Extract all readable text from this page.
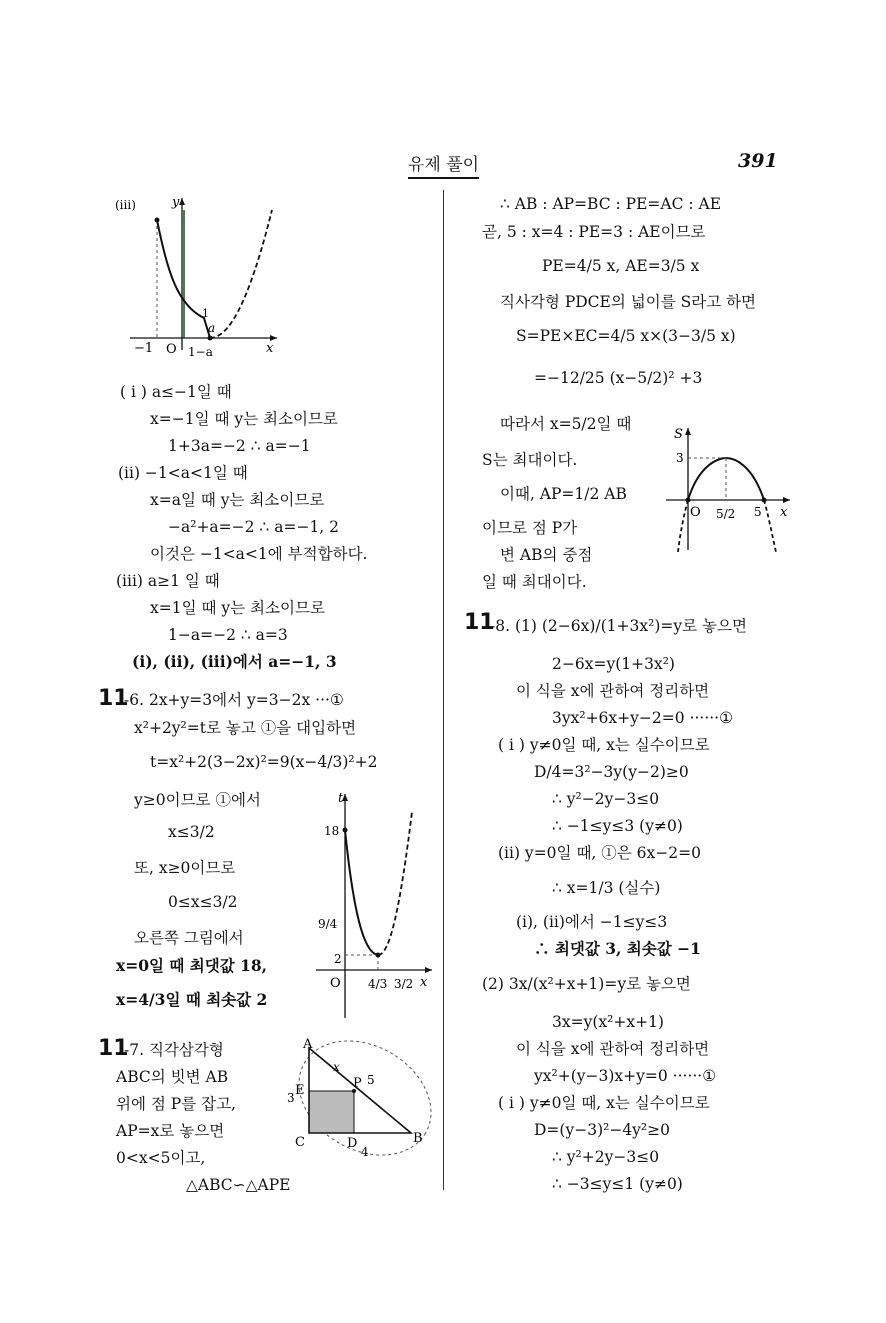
유제 풀이	391
(iii)	y
x
−1 O
1
a
1−a
( i ) a≤−1일 때
x=−1일 때 y는 최소이므로
1+3a=−2 ∴ a=−1
(ii) −1<a<1일 때
x=a일 때 y는 최소이므로
−a²+a=−2 ∴ a=−1, 2
이것은 −1<a<1에 부적합하다.
(iii) a≥1 일 때
x=1일 때 y는 최소이므로
1−a=−2 ∴ a=3
(i), (ii), (iii)에서 a=−1, 3
11
-6. 2x+y=3에서 y=3−2x ···①
x²+2y²=t로 놓고 ①을 대입하면
t=x²+2(3−2x)²=9(x−4/3)²+2
y≥0이므로 ①에서
x≤3/2
또, x≥0이므로
0≤x≤3/2
오른쪽 그림에서
x=0일 때 최댓값 18,
x=4/3일 때 최솟값 2
t
x
O
18
9/4
2
4/3 3/2
11
-7. 직각삼각형
ABC의 빗변 AB
위에 점 P를 잡고,
AP=x로 놓으면
0<x<5이고,
△ABC∽△APE
A
B
C	D
E	P
x
5
3
4
∴ AB : AP=BC : PE=AC : AE
곧, 5 : x=4 : PE=3 : AE이므로
PE=4/5 x, AE=3/5 x
직사각형 PDCE의 넓이를 S라고 하면
S=PE×EC=4/5 x×(3−3/5 x)
=−12/25 (x−5/2)² +3
따라서 x=5/2일 때
S는 최대이다.
이때, AP=1/2 AB
이므로 점 P가
변 AB의 중점
일 때 최대이다.
S
x
O
3
5/2 5
11
-8. (1) (2−6x)/(1+3x²)=y로 놓으면
2−6x=y(1+3x²)
이 식을 x에 관하여 정리하면
3yx²+6x+y−2=0 ······①
( i ) y≠0일 때, x는 실수이므로
D/4=3²−3y(y−2)≥0
∴ y²−2y−3≤0
∴ −1≤y≤3 (y≠0)
(ii) y=0일 때, ①은 6x−2=0
∴ x=1/3 (실수)
(i), (ii)에서 −1≤y≤3
∴ 최댓값 3, 최솟값 −1
(2) 3x/(x²+x+1)=y로 놓으면
3x=y(x²+x+1)
이 식을 x에 관하여 정리하면
yx²+(y−3)x+y=0 ······①
( i ) y≠0일 때, x는 실수이므로
D=(y−3)²−4y²≥0
∴ y²+2y−3≤0
∴ −3≤y≤1 (y≠0)
